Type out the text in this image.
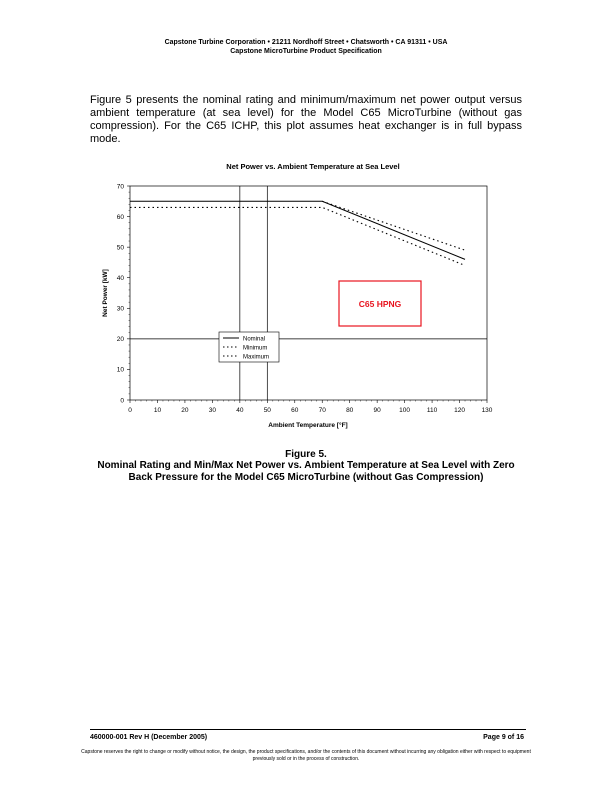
Capstone Turbine Corporation • 21211 Nordhoff Street • Chatsworth • CA 91311 • USA
Capstone MicroTurbine Product Specification

Figure 5 presents the nominal rating and minimum/maximum net power output versus ambient temperature (at sea level) for the Model C65 MicroTurbine (without gas compression). For the C65 ICHP, this plot assumes heat exchanger is in full bypass mode.

Net Power vs. Ambient Temperature at Sea Level
0	10	20	30	40	50	60	70	80	90	100	110	120	130
0
10
20
30
40
50
60
70
Ambient Temperature [°F]
Net Power [kW]	C65 HPNG
Nominal
Minimum
Maximum
Figure 5.
Nominal Rating and Min/Max Net Power vs. Ambient Temperature at Sea Level with Zero Back Pressure for the Model C65 MicroTurbine (without Gas Compression)
460000-001 Rev H (December 2005)	Page 9 of 16
Capstone reserves the right to change or modify without notice, the design, the product specifications, and/or the contents of this document without incurring any obligation either with respect to equipment previously sold or in the process of construction.
